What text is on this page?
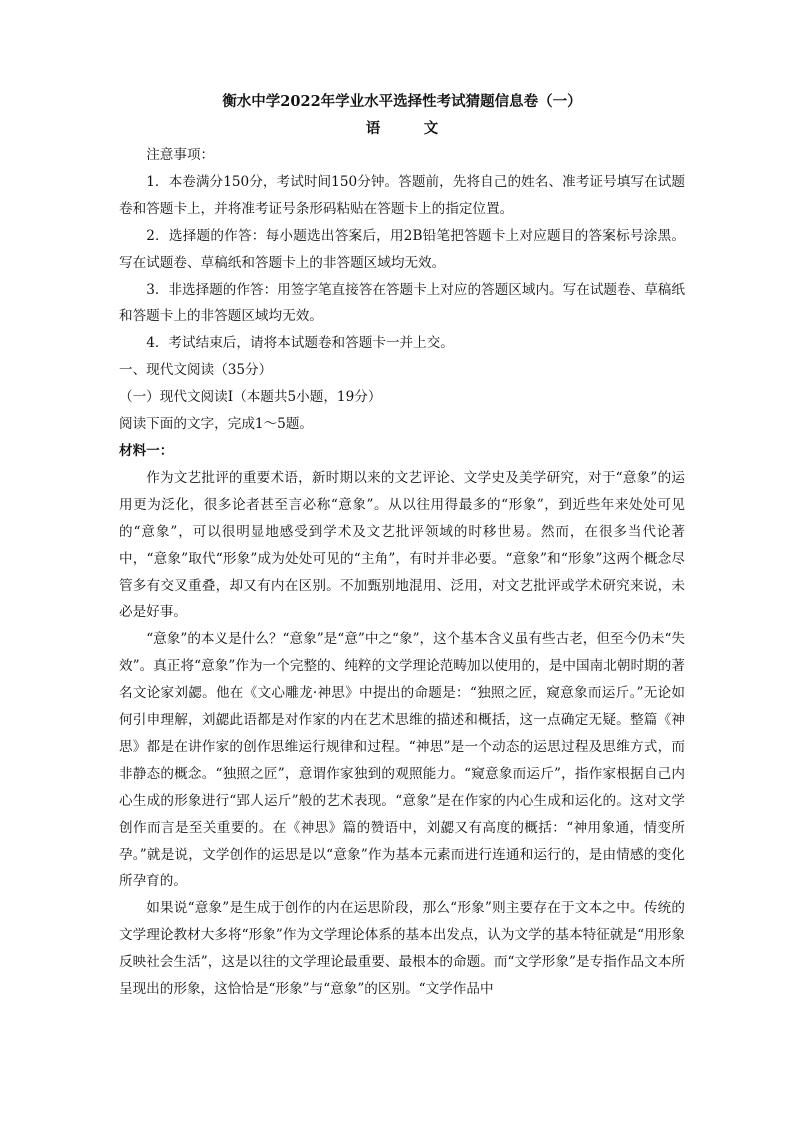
衡水中学2022年学业水平选择性考试猜题信息卷（一）

语文

注意事项：

1．本卷满分150分，考试时间150分钟。答题前，先将自己的姓名、准考证号填写在试题卷和答题卡上，并将准考证号条形码粘贴在答题卡上的指定位置。

2．选择题的作答：每小题选出答案后，用2B铅笔把答题卡上对应题目的答案标号涂黑。写在试题卷、草稿纸和答题卡上的非答题区域均无效。

3．非选择题的作答：用签字笔直接答在答题卡上对应的答题区域内。写在试题卷、草稿纸和答题卡上的非答题区域均无效。

4．考试结束后，请将本试题卷和答题卡一并上交。

一、现代文阅读（35分）

（一）现代文阅读Ⅰ（本题共5小题，19分）

阅读下面的文字，完成1～5题。

材料一：

作为文艺批评的重要术语，新时期以来的文艺评论、文学史及美学研究，对于“意象”的运用更为泛化，很多论者甚至言必称“意象”。从以往用得最多的“形象”，到近些年来处处可见的“意象”，可以很明显地感受到学术及文艺批评领域的时移世易。然而，在很多当代论著中，“意象”取代“形象”成为处处可见的“主角”，有时并非必要。“意象”和“形象”这两个概念尽管多有交叉重叠，却又有内在区别。不加甄别地混用、泛用，对文艺批评或学术研究来说，未必是好事。

“意象”的本义是什么？“意象”是“意”中之“象”，这个基本含义虽有些古老，但至今仍未“失效”。真正将“意象”作为一个完整的、纯粹的文学理论范畴加以使用的，是中国南北朝时期的著名文论家刘勰。他在《文心雕龙·神思》中提出的命题是：“独照之匠，窥意象而运斤。”无论如何引申理解，刘勰此语都是对作家的内在艺术思维的描述和概括，这一点确定无疑。整篇《神思》都是在讲作家的创作思维运行规律和过程。“神思”是一个动态的运思过程及思维方式，而非静态的概念。“独照之匠”，意谓作家独到的观照能力。“窥意象而运斤”，指作家根据自己内心生成的形象进行“郢人运斤”般的艺术表现。“意象”是在作家的内心生成和运化的。这对文学创作而言是至关重要的。在《神思》篇的赞语中，刘勰又有高度的概括：“神用象通，情变所孕。”就是说，文学创作的运思是以“意象”作为基本元素而进行连通和运行的，是由情感的变化所孕育的。

如果说“意象”是生成于创作的内在运思阶段，那么“形象”则主要存在于文本之中。传统的文学理论教材大多将“形象”作为文学理论体系的基本出发点，认为文学的基本特征就是“用形象反映社会生活”，这是以往的文学理论最重要、最根本的命题。而“文学形象”是专指作品文本所呈现出的形象，这恰恰是“形象”与“意象”的区别。“文学作品中
